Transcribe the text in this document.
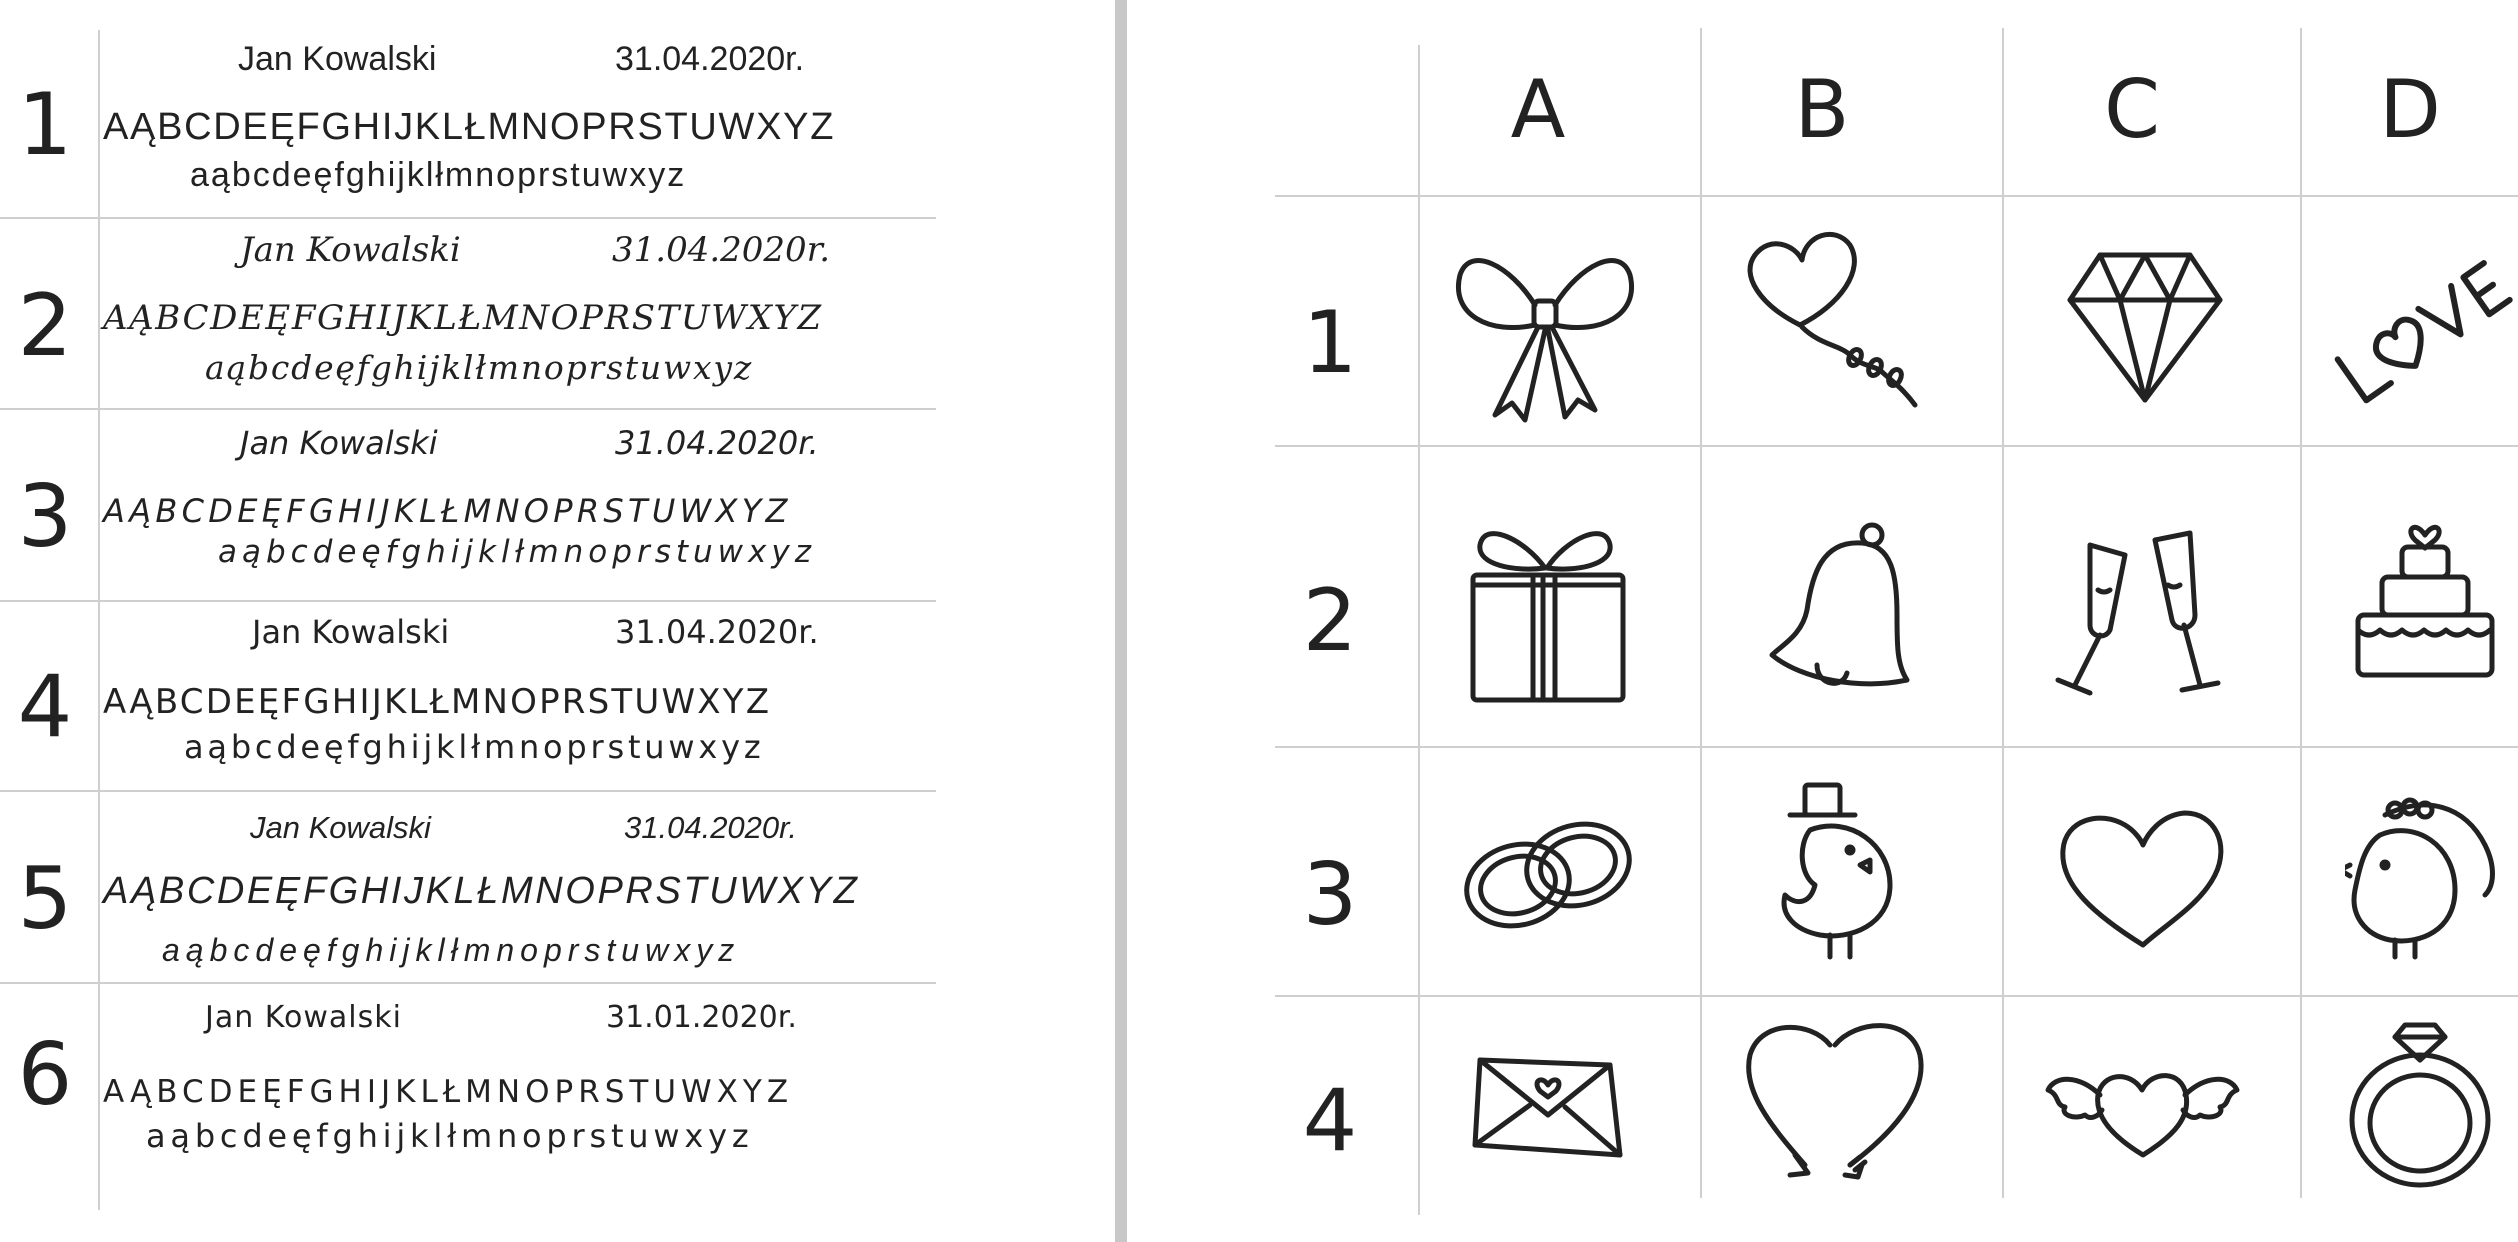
1
Jan Kowalski	31.04.2020r.
AĄBCDEĘFGHIJKLŁMNOPRSTUWXYZ
aąbcdeęfghijklłmnoprstuwxyz
2
Jan Kowalski	31.04.2020r.
AĄBCDEĘFGHIJKLŁMNOPRSTUWXYZ
aąbcdeęfghijklłmnoprstuwxyz
3
Jan Kowalski	31.04.2020r.
AĄBCDEĘFGHIJKLŁMNOPRSTUWXYZ
aąbcdeęfghijklłmnoprstuwxyz
4
Jan Kowalski	31.04.2020r.
AĄBCDEĘFGHIJKLŁMNOPRSTUWXYZ
aąbcdeęfghijklłmnoprstuwxyz
5
Jan Kowalski	31.04.2020r.
AĄBCDEĘFGHIJKLŁMNOPRSTUWXYZ
aąbcdeęfghijklłmnoprstuwxyz
6
Jan Kowalski	31.01.2020r.
AĄBCDEĘFGHIJKLŁMNOPRSTUWXYZ
aąbcdeęfghijklłmnoprstuwxyz
A	B	C	D
1
2
3
4
